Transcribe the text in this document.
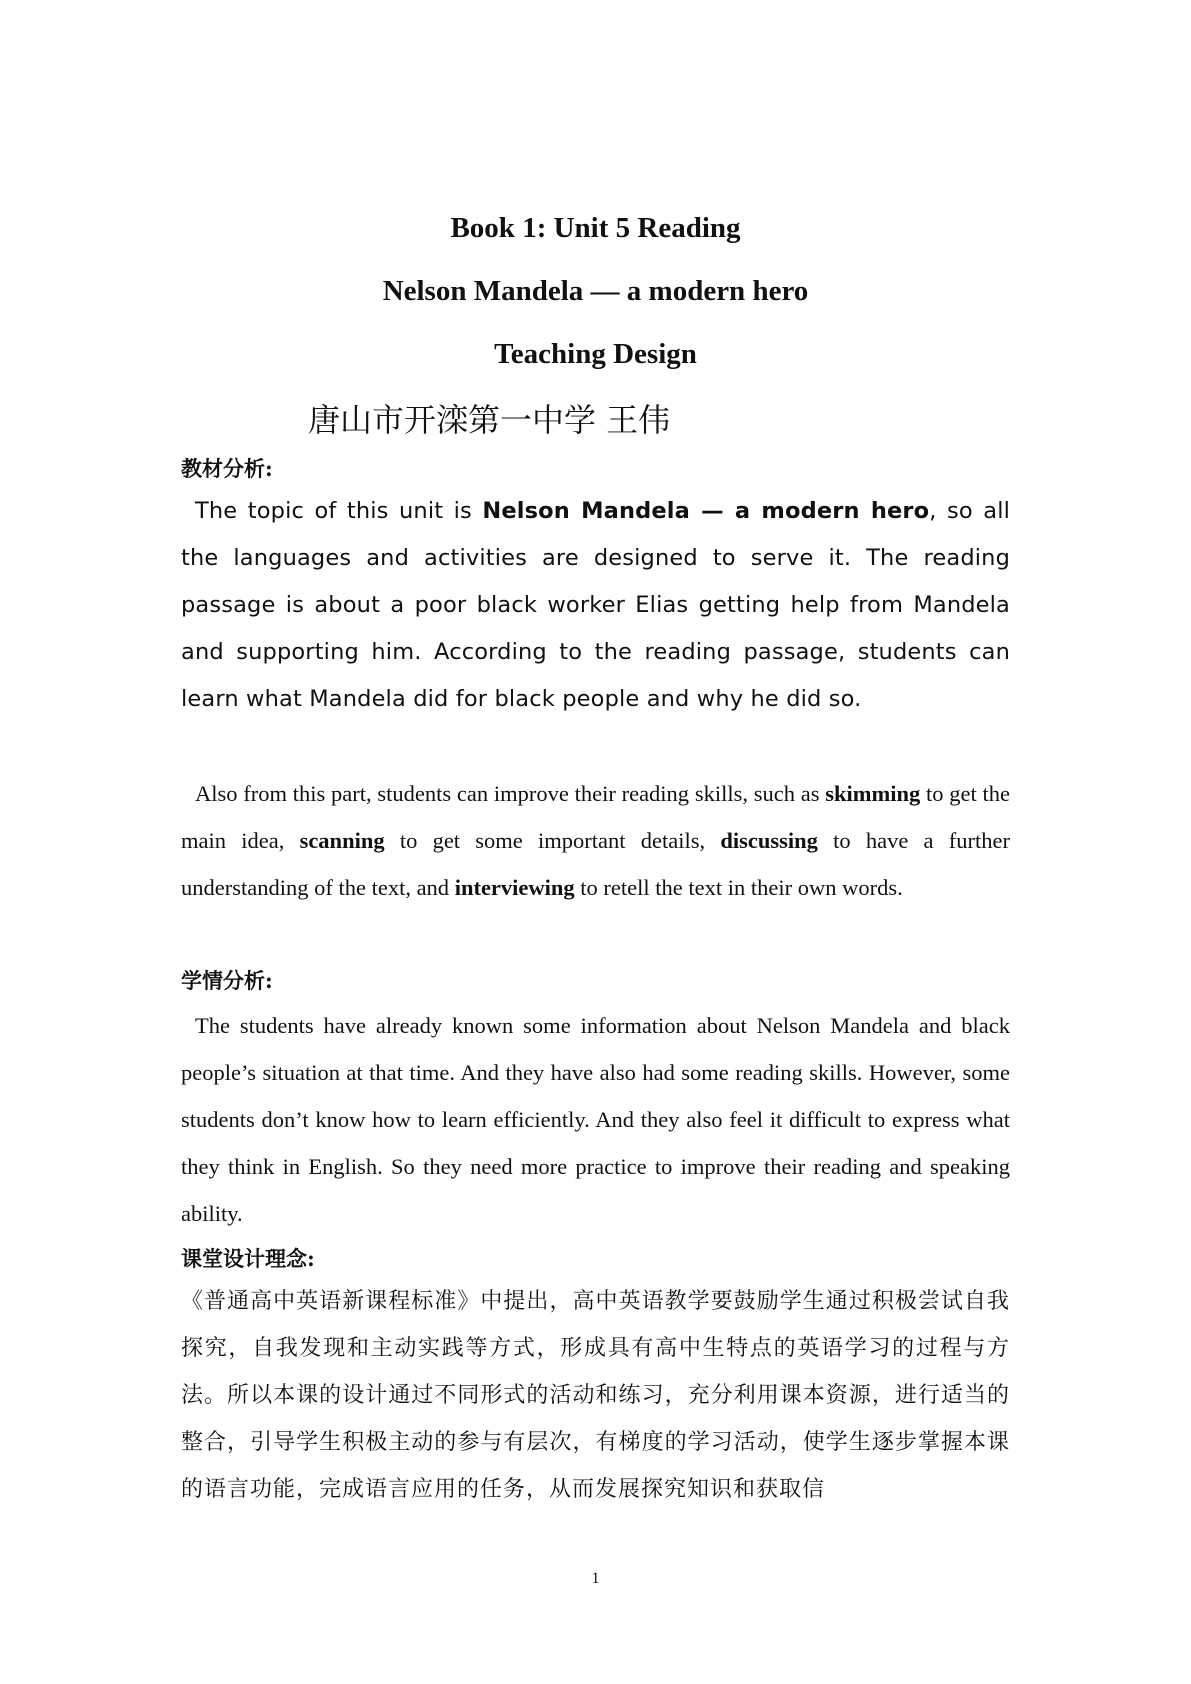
Book 1: Unit 5 Reading
Nelson Mandela — a modern hero
Teaching Design
唐山市开滦第一中学 王伟
教材分析:

The topic of this unit is Nelson Mandela — a modern hero, so all the languages and activities are designed to serve it. The reading passage is about a poor black worker Elias getting help from Mandela and supporting him. According to the reading passage, students can learn what Mandela did for black people and why he did so.

Also from this part, students can improve their reading skills, such as skimming to get the main idea, scanning to get some important details, discussing to have a further understanding of the text, and interviewing to retell the text in their own words.

学情分析:

The students have already known some information about Nelson Mandela and black people’s situation at that time. And they have also had some reading skills. However, some students don’t know how to learn efficiently. And they also feel it difficult to express what they think in English. So they need more practice to improve their reading and speaking ability.

课堂设计理念:

《普通高中英语新课程标准》中提出，高中英语教学要鼓励学生通过积极尝试自我探究，自我发现和主动实践等方式，形成具有高中生特点的英语学习的过程与方法。所以本课的设计通过不同形式的活动和练习，充分利用课本资源，进行适当的整合，引导学生积极主动的参与有层次，有梯度的学习活动，使学生逐步掌握本课的语言功能，完成语言应用的任务，从而发展探究知识和获取信

1
